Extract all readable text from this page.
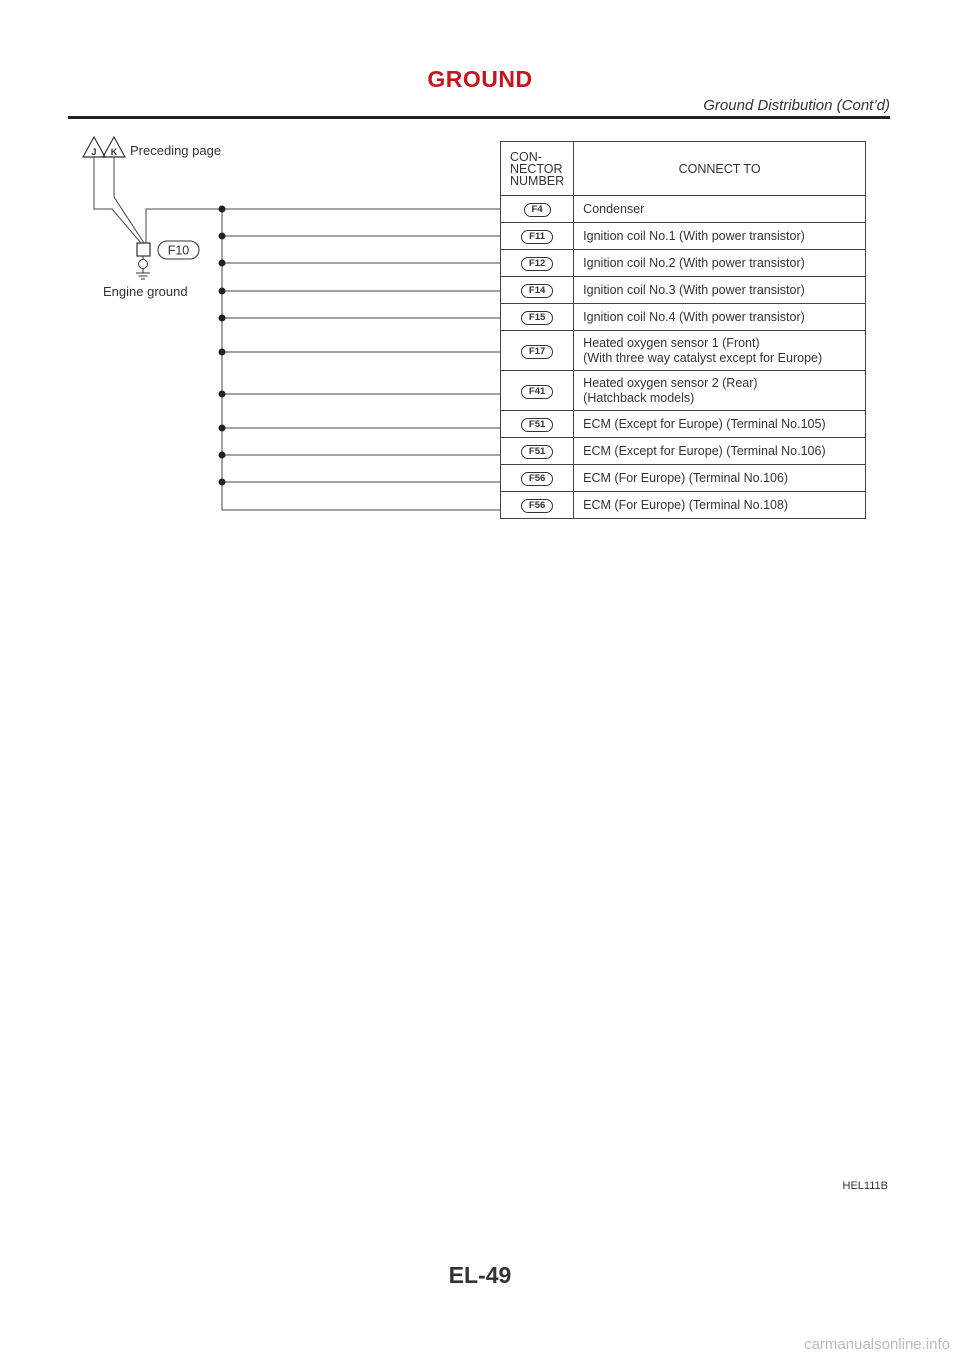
GROUND
Ground Distribution (Cont’d)
J K Preceding page
Engine ground
F10
CON-
NECTOR
NUMBER	CONNECT TO
F4	Condenser

F11	Ignition coil No.1 (With power transistor)

F12	Ignition coil No.2 (With power transistor)

F14	Ignition coil No.3 (With power transistor)

F15	Ignition coil No.4 (With power transistor)

F17	Heated oxygen sensor 1 (Front)
(With three way catalyst except for Europe)

F41	Heated oxygen sensor 2 (Rear)
(Hatchback models)

F51	ECM (Except for Europe) (Terminal No.105)

F51	ECM (Except for Europe) (Terminal No.106)

F56	ECM (For Europe) (Terminal No.106)

F56	ECM (For Europe) (Terminal No.108)
HEL111B
EL-49
carmanualsonline.info
